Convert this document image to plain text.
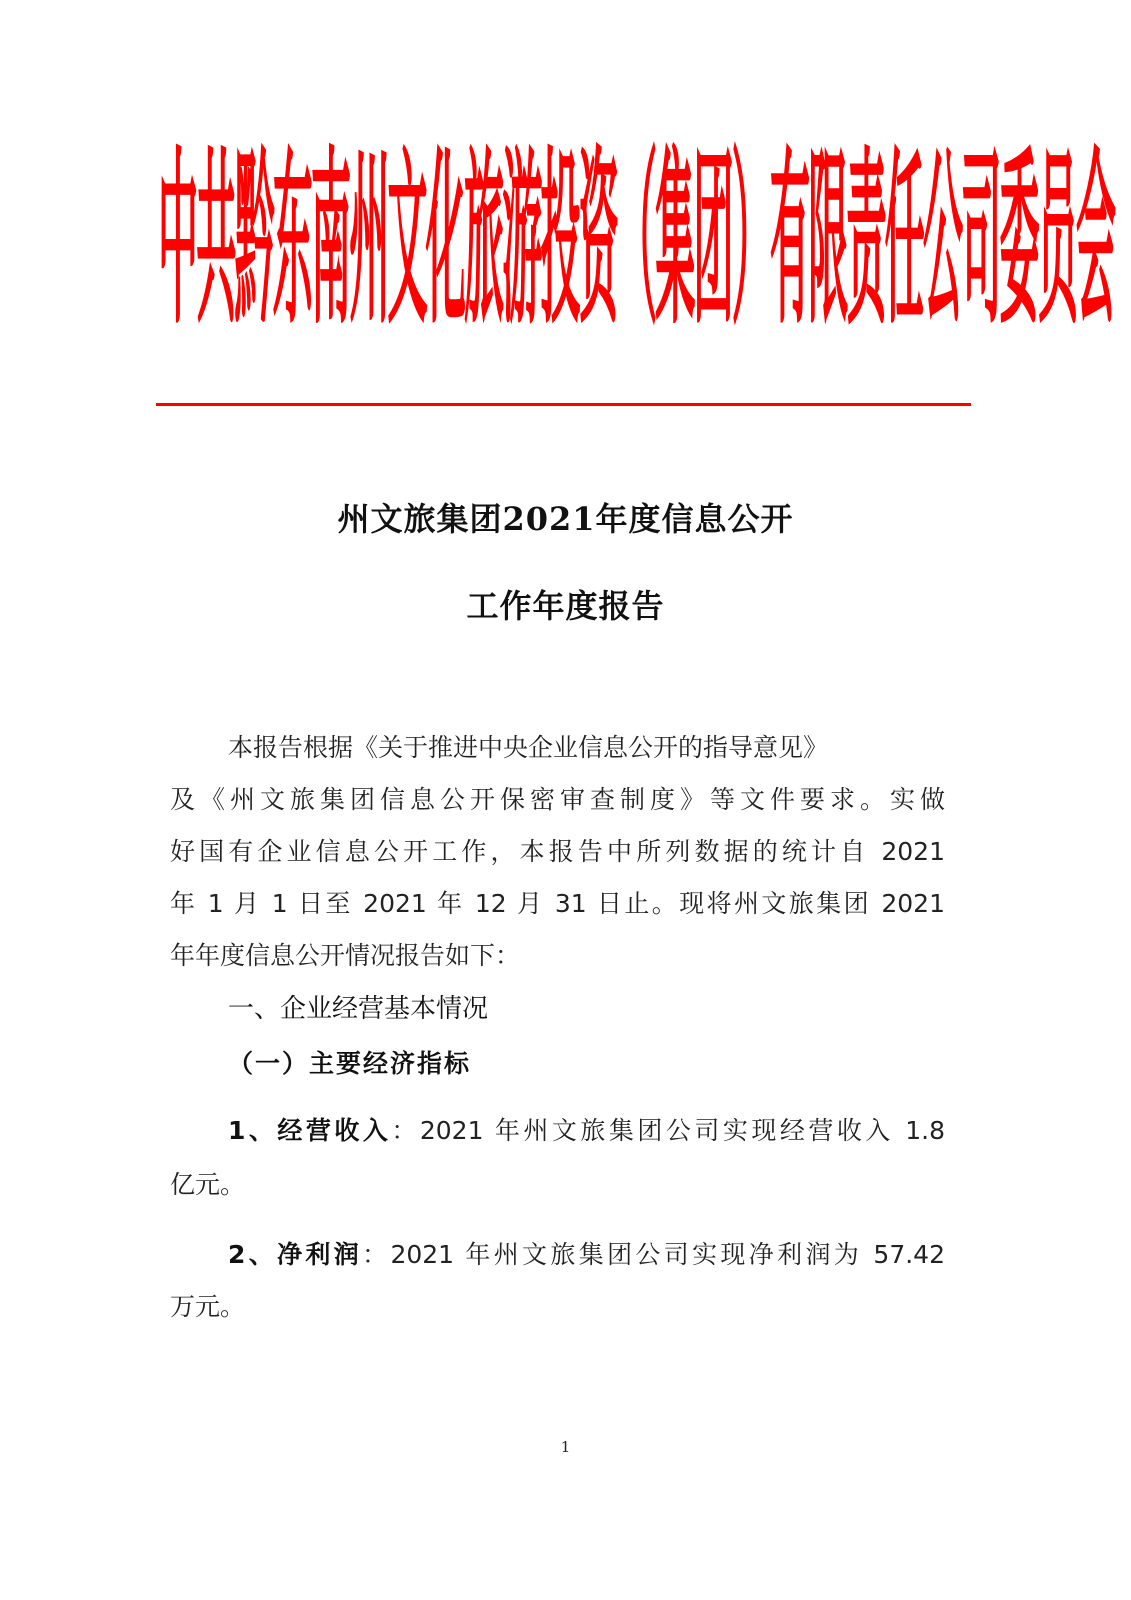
中共黔东南州文化旅游投资（集团）有限责任公司委员会
州文旅集团2021年度信息公开
工作年度报告
本报告根据《关于推进中央企业信息公开的指导意见》
及《州文旅集团信息公开保密审查制度》等文件要求。实做
好国有企业信息公开工作，本报告中所列数据的统计自 2021
年 1 月 1 日至 2021 年 12 月 31 日止。现将州文旅集团 2021
年年度信息公开情况报告如下：
一、企业经营基本情况
（一）主要经济指标
1、经营收入：2021 年州文旅集团公司实现经营收入 1.8
亿元。
2、净利润：2021 年州文旅集团公司实现净利润为 57.42
万元。
1
